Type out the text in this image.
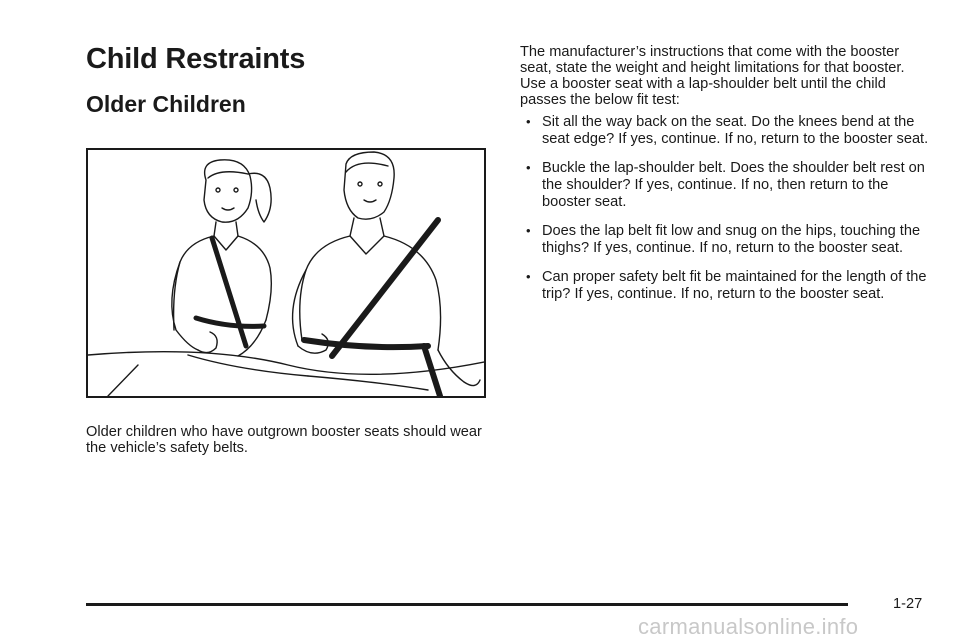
Child Restraints
Older Children

Older children who have outgrown booster seats should wear the vehicle’s safety belts.

The manufacturer’s instructions that come with the booster seat, state the weight and height limitations for that booster. Use a booster seat with a lap-shoulder belt until the child passes the below fit test:

• Sit all the way back on the seat. Do the knees bend at the seat edge? If yes, continue. If no, return to the booster seat.
• Buckle the lap-shoulder belt. Does the shoulder belt rest on the shoulder? If yes, continue. If no, then return to the booster seat.
• Does the lap belt fit low and snug on the hips, touching the thighs? If yes, continue. If no, return to the booster seat.
• Can proper safety belt fit be maintained for the length of the trip? If yes, continue. If no, return to the booster seat.
1-27
carmanualsonline.info
